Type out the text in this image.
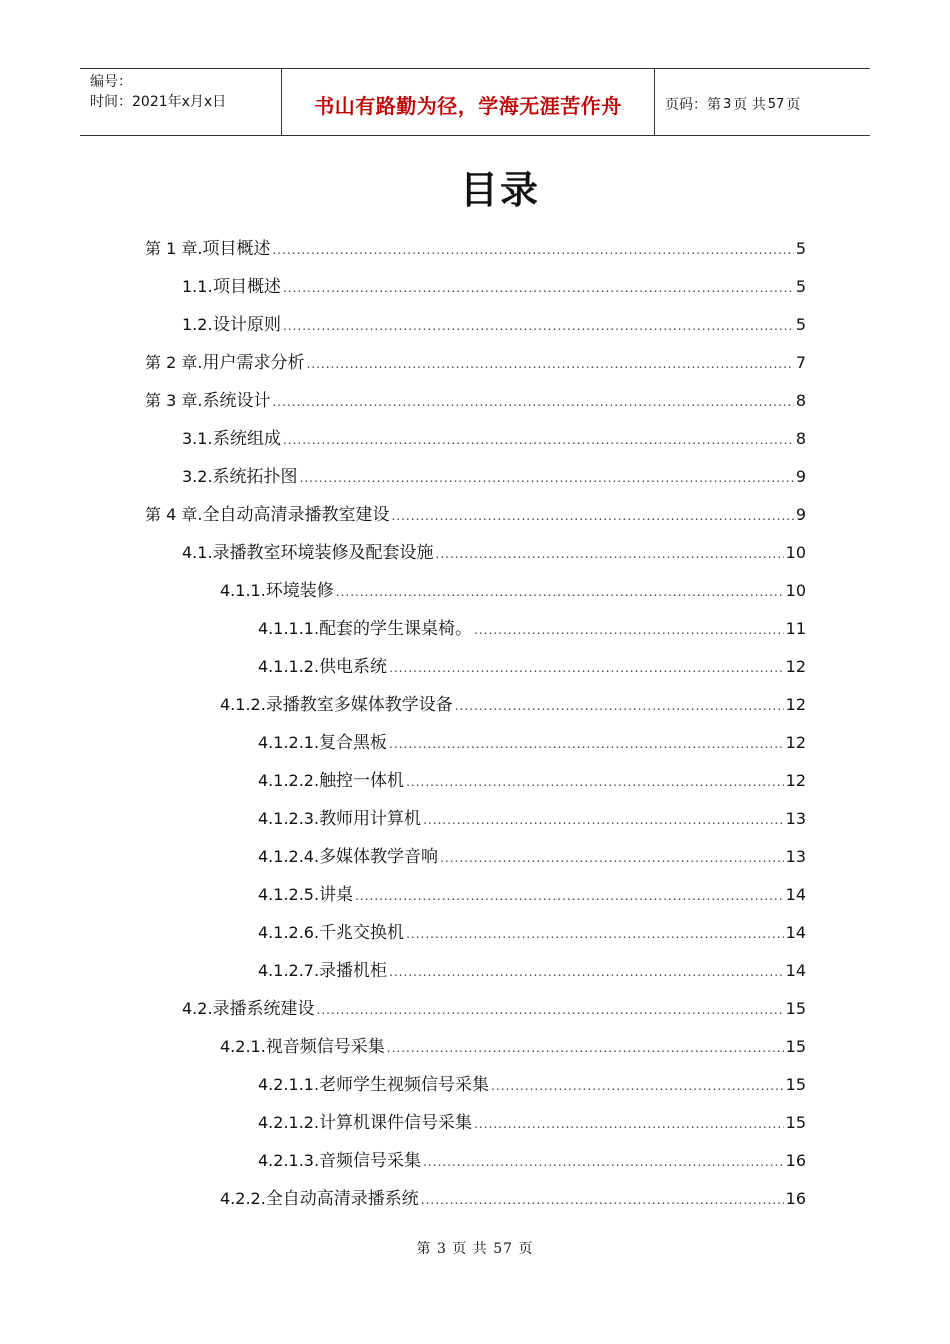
编号：
时间：2021年x月x日	书山有路勤为径，学海无涯苦作舟	页码：第 3 页 共 57 页
目录
第 1 章. 项目概述 .....	5
1.1. 项目概述 .....	5
1.2. 设计原则 .....	5
第 2 章. 用户需求分析 .....	7
第 3 章. 系统设计 .....	8
3.1. 系统组成 .....	8
3.2. 系统拓扑图 .....	9
第 4 章. 全自动高清录播教室建设 .....	9
4.1. 录播教室环境装修及配套设施 .....	10
4.1.1. 环境装修 .....	10
4.1.1.1. 配套的学生课桌椅。 .....	11
4.1.1.2. 供电系统 .....	12
4.1.2. 录播教室多媒体教学设备 .....	12
4.1.2.1. 复合黑板 .....	12
4.1.2.2. 触控一体机 .....	12
4.1.2.3. 教师用计算机 .....	13
4.1.2.4. 多媒体教学音响 .....	13
4.1.2.5. 讲桌 .....	14
4.1.2.6. 千兆交换机 .....	14
4.1.2.7. 录播机柜 .....	14
4.2. 录播系统建设 .....	15
4.2.1. 视音频信号采集 .....	15
4.2.1.1. 老师学生视频信号采集 .....	15
4.2.1.2. 计算机课件信号采集 .....	15
4.2.1.3. 音频信号采集 .....	16
4.2.2. 全自动高清录播系统 .....	16
第 3 页 共 57 页
